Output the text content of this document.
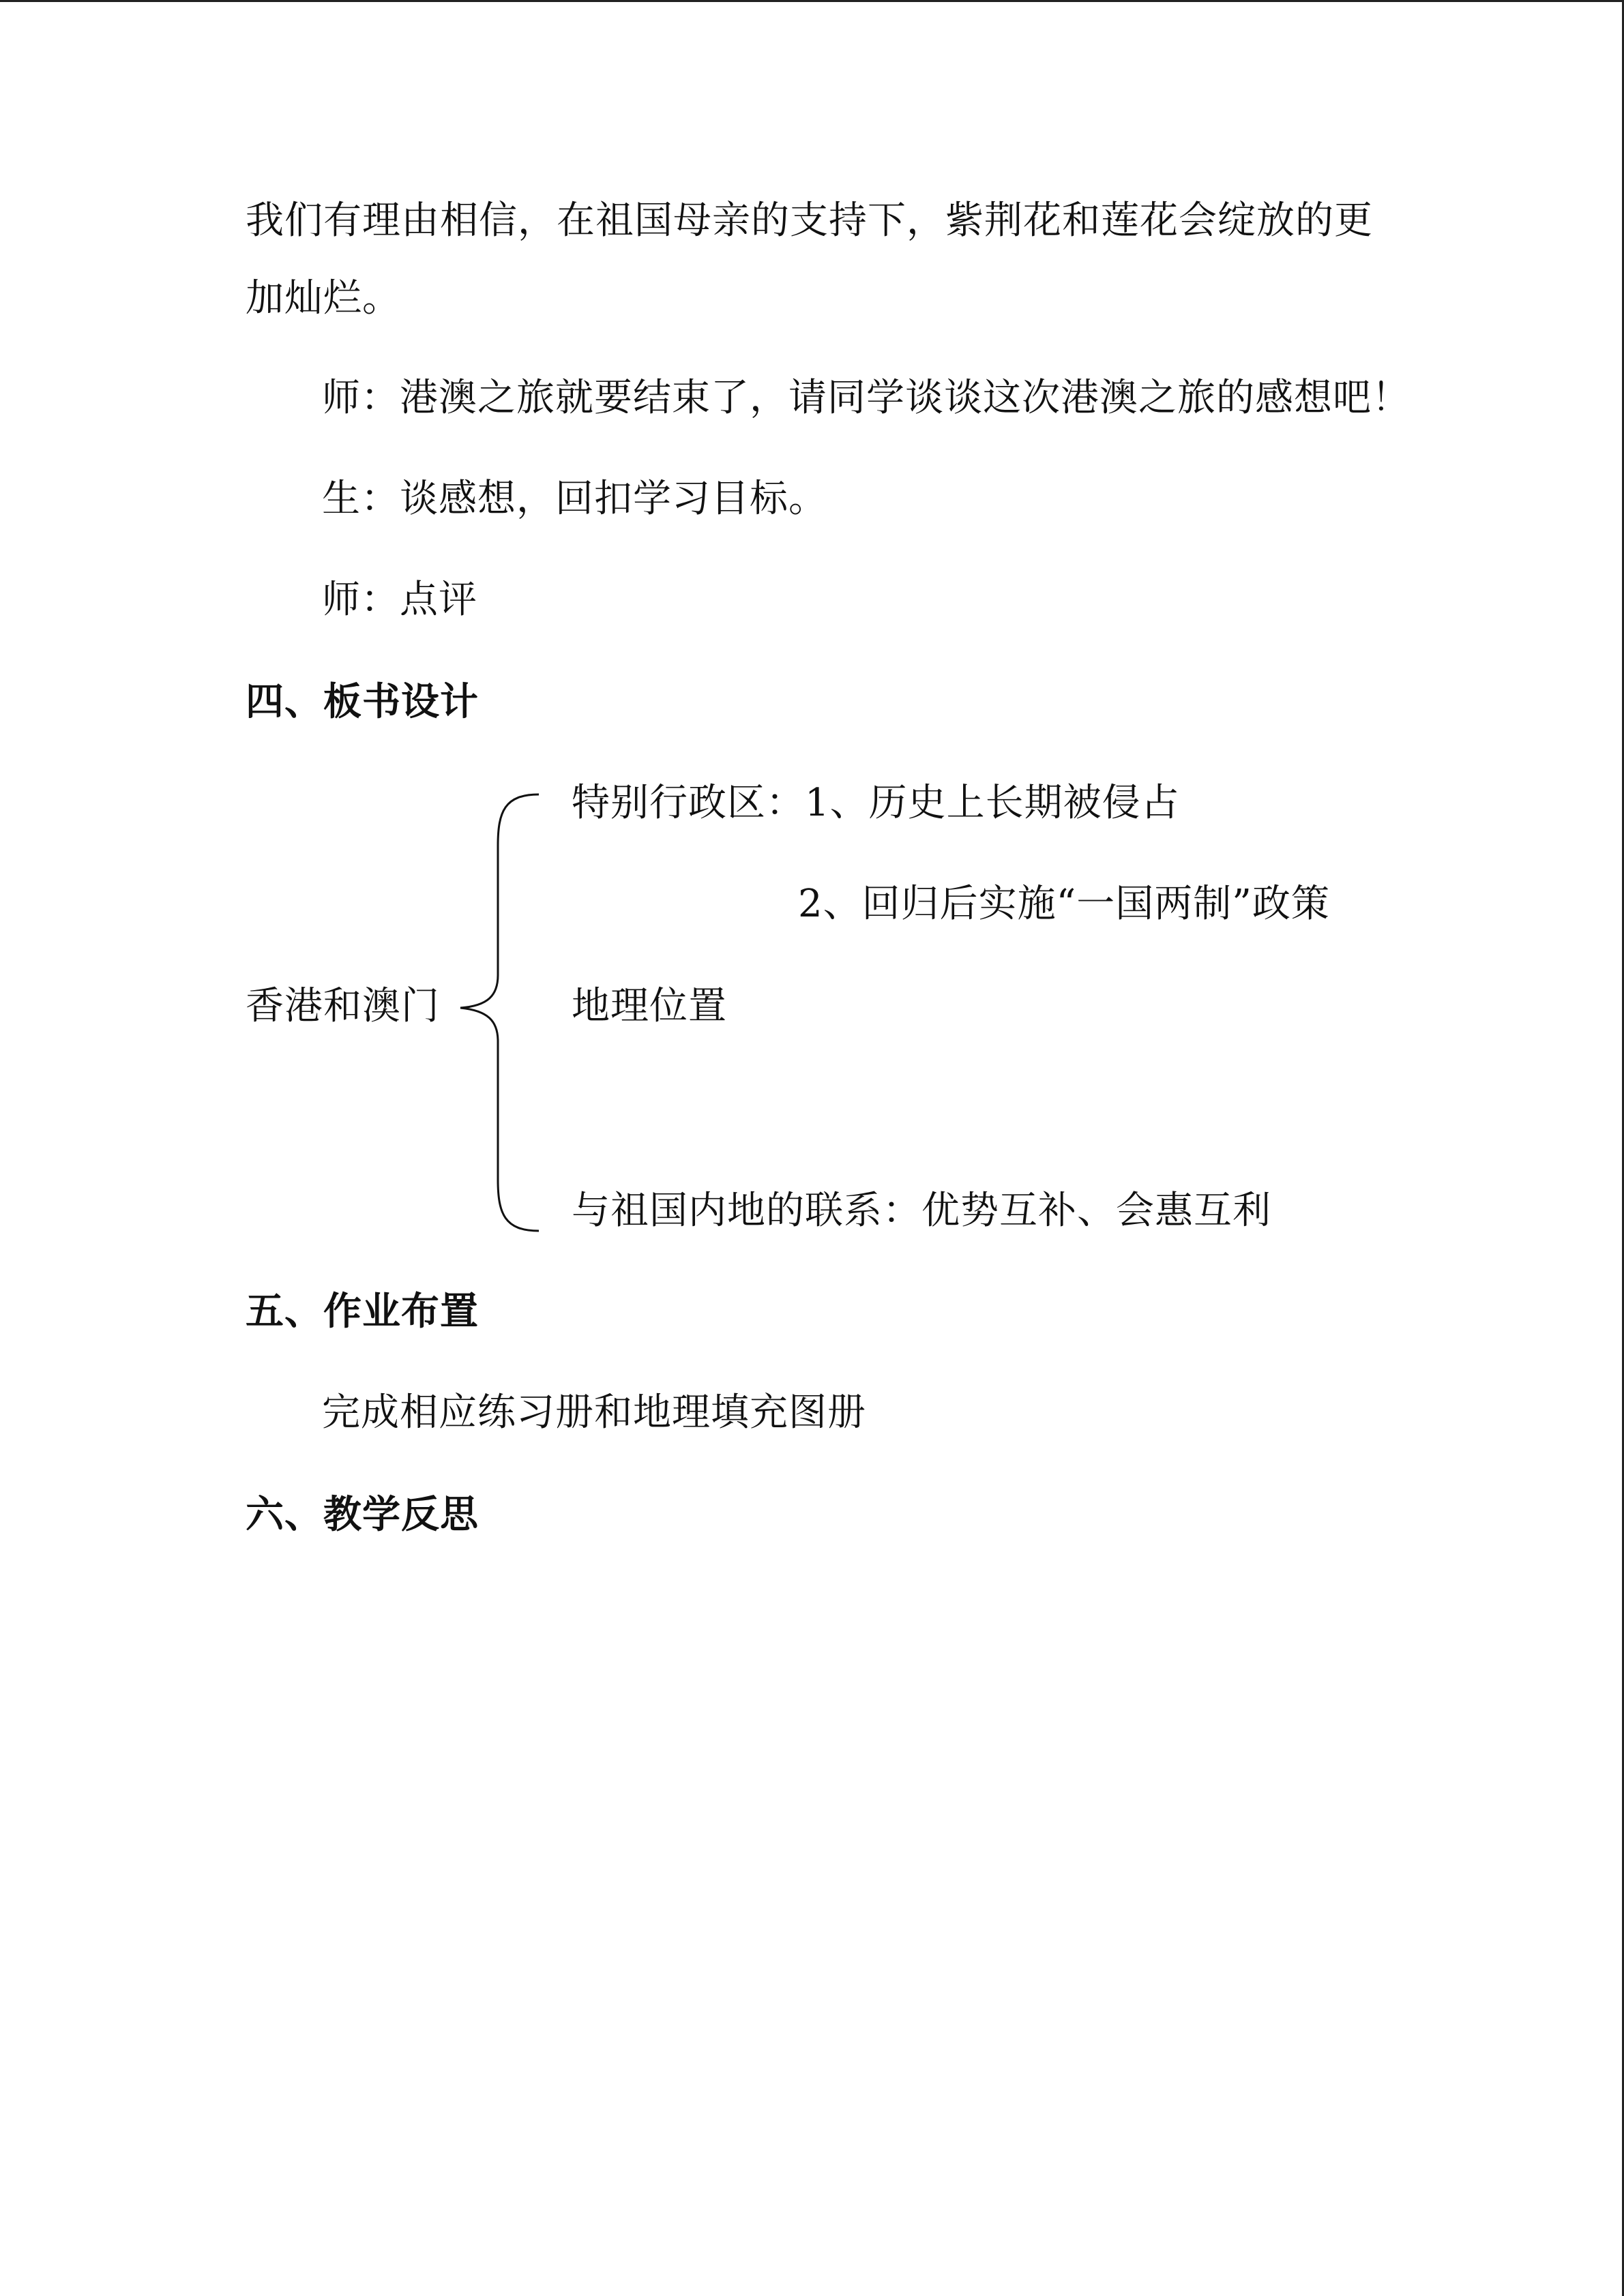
我们有理由相信，在祖国母亲的支持下，紫荆花和莲花会绽放的更
加灿烂。
师：港澳之旅就要结束了，请同学谈谈这次港澳之旅的感想吧！
生：谈感想，回扣学习目标。
师：点评
四、板书设计
特别行政区：1、历史上长期被侵占
2、回归后实施“一国两制”政策
香港和澳门	地理位置
与祖国内地的联系：优势互补、会惠互利
五、作业布置
完成相应练习册和地理填充图册
六、教学反思
